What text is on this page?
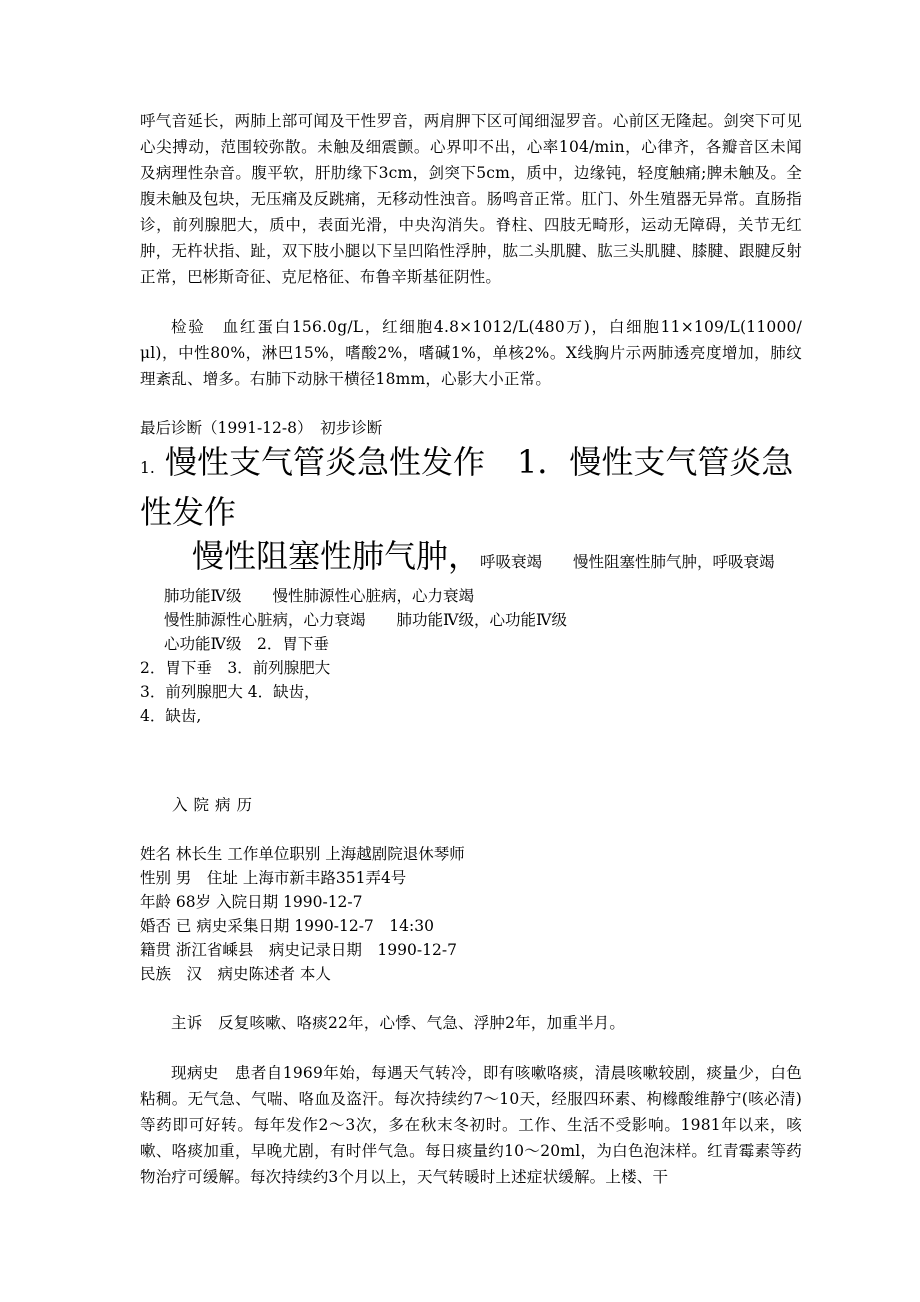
呼气音延长，两肺上部可闻及干性罗音，两肩胛下区可闻细湿罗音。心前区无隆起。剑突下可见心尖搏动，范围较弥散。未触及细震颤。心界叩不出，心率104/min，心律齐，各瓣音区未闻及病理性杂音。腹平软，肝肋缘下3cm，剑突下5cm，质中，边缘钝，轻度触痛;脾未触及。全腹未触及包块，无压痛及反跳痛，无移动性浊音。肠鸣音正常。肛门、外生殖器无异常。直肠指诊，前列腺肥大，质中，表面光滑，中央沟消失。脊柱、四肢无畸形，运动无障碍，关节无红肿，无杵状指、趾，双下肢小腿以下呈凹陷性浮肿，肱二头肌腱、肱三头肌腱、膝腱、跟腱反射正常，巴彬斯奇征、克尼格征、布鲁辛斯基征阴性。

检验　血红蛋白156.0g/L，红细胞4.8×1012/L(480万)，白细胞11×109/L(11000/μl)，中性80%，淋巴15%，嗜酸2%，嗜碱1%，单核2%。X线胸片示两肺透亮度增加，肺纹理紊乱、增多。右肺下动脉干横径18mm，心影大小正常。

最后诊断（1991-12-8）　初步诊断

1. 慢性支气管炎急性发作　1．慢性支气管炎急性发作

慢性阻塞性肺气肿，呼吸衰竭　　慢性阻塞性肺气肿，呼吸衰竭

肺功能Ⅳ级　　慢性肺源性心脏病，心力衰竭

慢性肺源性心脏病，心力衰竭　　肺功能Ⅳ级，心功能Ⅳ级

心功能Ⅳ级　2．胃下垂

2．胃下垂　3．前列腺肥大

3．前列腺肥大 4．缺齿，

4．缺齿,

入院病历

姓名 林长生 工作单位职别 上海越剧院退休琴师

性别 男　住址 上海市新丰路351弄4号

年龄 68岁 入院日期 1990-12-7

婚否 已 病史采集日期 1990-12-7　14:30

籍贯 浙江省嵊县　病史记录日期　1990-12-7

民族　汉　病史陈述者 本人

主诉　反复咳嗽、咯痰22年，心悸、气急、浮肿2年，加重半月。

现病史　患者自1969年始，每遇天气转冷，即有咳嗽咯痰，清晨咳嗽较剧，痰量少，白色粘稠。无气急、气喘、咯血及盗汗。每次持续约7～10天，经服四环素、枸橼酸维静宁(咳必清)等药即可好转。每年发作2～3次，多在秋末冬初时。工作、生活不受影响。1981年以来，咳嗽、咯痰加重，早晚尤剧，有时伴气急。每日痰量约10～20ml，为白色泡沫样。红青霉素等药物治疗可缓解。每次持续约3个月以上，天气转暖时上述症状缓解。上楼、干
